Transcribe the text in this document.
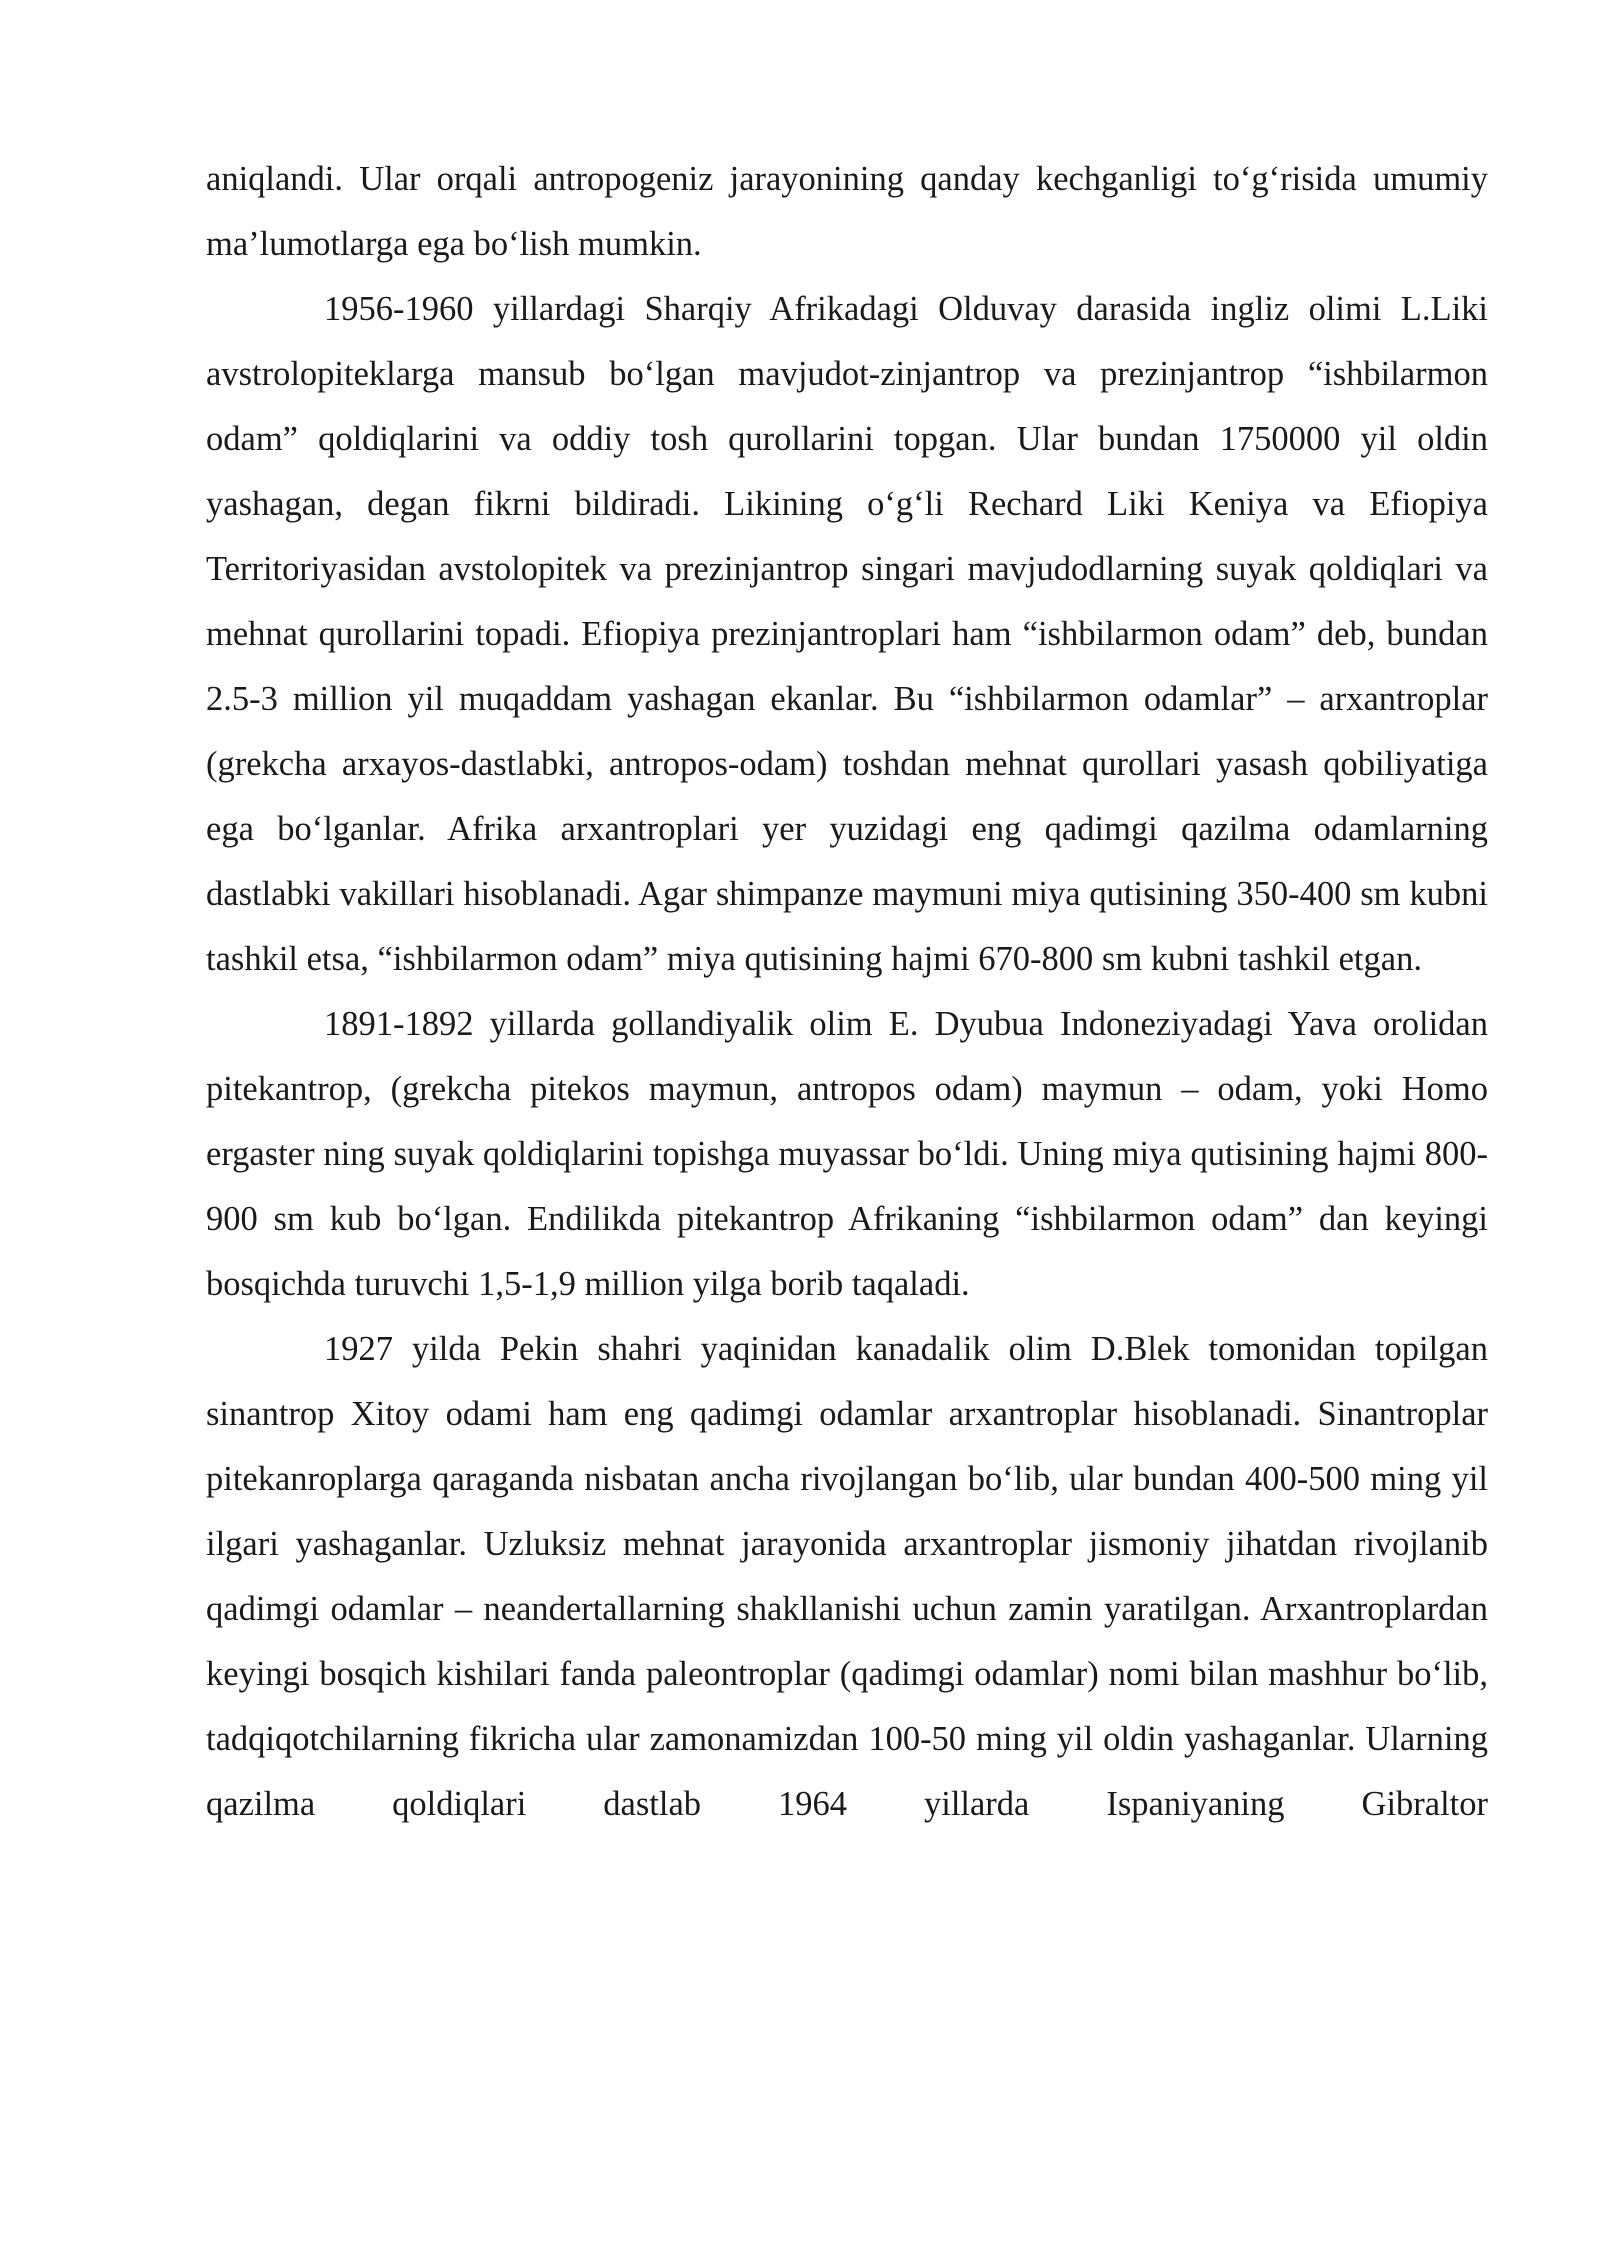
aniqlandi. Ular orqali antropogeniz jarayonining qanday kechganligi to‘g‘risida umumiy ma’lumotlarga ega bo‘lish mumkin.

1956-1960 yillardagi Sharqiy Afrikadagi Olduvay darasida ingliz olimi L.Liki avstrolopiteklarga mansub bo‘lgan mavjudot-zinjantrop va prezinjantrop “ishbilarmon odam” qoldiqlarini va oddiy tosh qurollarini topgan. Ular bundan 1750000 yil oldin yashagan, degan fikrni bildiradi. Likining o‘g‘li Rechard Liki Keniya va Efiopiya Territoriyasidan avstolopitek va prezinjantrop singari mavjudodlarning suyak qoldiqlari va mehnat qurollarini topadi. Efiopiya prezinjantroplari ham “ishbilarmon odam” deb, bundan 2.5-3 million yil muqaddam yashagan ekanlar. Bu “ishbilarmon odamlar” – arxantroplar (grekcha arxayos-dastlabki, antropos-odam) toshdan mehnat qurollari yasash qobiliyatiga ega bo‘lganlar. Afrika arxantroplari yer yuzidagi eng qadimgi qazilma odamlarning dastlabki vakillari hisoblanadi. Agar shimpanze maymuni miya qutisining 350-400 sm kubni tashkil etsa, “ishbilarmon odam” miya qutisining hajmi 670-800 sm kubni tashkil etgan.

1891-1892 yillarda gollandiyalik olim E. Dyubua Indoneziyadagi Yava orolidan pitekantrop, (grekcha pitekos maymun, antropos odam) maymun – odam, yoki Homo ergaster ning suyak qoldiqlarini topishga muyassar bo‘ldi. Uning miya qutisining hajmi 800-900 sm kub bo‘lgan. Endilikda pitekantrop Afrikaning “ishbilarmon odam” dan keyingi bosqichda turuvchi 1,5-1,9 million yilga borib taqaladi.

1927 yilda Pekin shahri yaqinidan kanadalik olim D.Blek tomonidan topilgan sinantrop Xitoy odami ham eng qadimgi odamlar arxantroplar hisoblanadi. Sinantroplar pitekanroplarga qaraganda nisbatan ancha rivojlangan bo‘lib, ular bundan 400-500 ming yil ilgari yashaganlar. Uzluksiz mehnat jarayonida arxantroplar jismoniy jihatdan rivojlanib qadimgi odamlar – neandertallarning shakllanishi uchun zamin yaratilgan. Arxantroplardan keyingi bosqich kishilari fanda paleontroplar (qadimgi odamlar) nomi bilan mashhur bo‘lib, tadqiqotchilarning fikricha ular zamonamizdan 100-50 ming yil oldin yashaganlar. Ularning qazilma qoldiqlari dastlab 1964 yillarda Ispaniyaning Gibraltor
